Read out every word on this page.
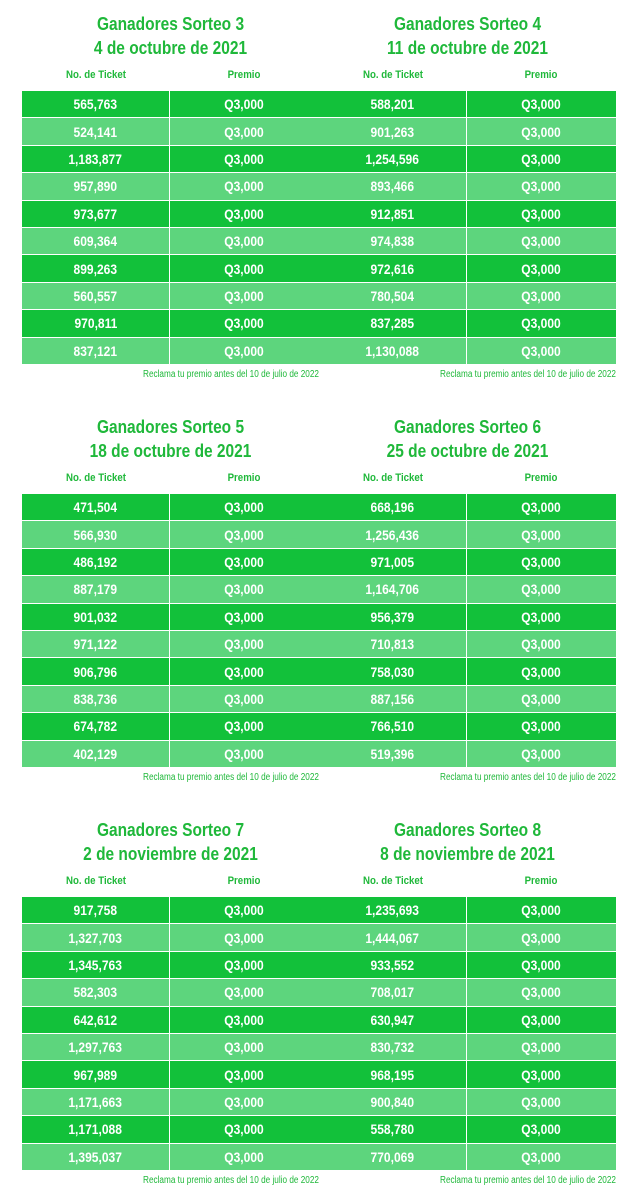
Ganadores Sorteo 3
4 de octubre de 2021
No. de Ticket	Premio
565,763	Q3,000
524,141	Q3,000
1,183,877	Q3,000
957,890	Q3,000
973,677	Q3,000
609,364	Q3,000
899,263	Q3,000
560,557	Q3,000
970,811	Q3,000
837,121	Q3,000
Reclama tu premio antes del 10 de julio de 2022
Ganadores Sorteo 4
11 de octubre de 2021
No. de Ticket	Premio
588,201	Q3,000
901,263	Q3,000
1,254,596	Q3,000
893,466	Q3,000
912,851	Q3,000
974,838	Q3,000
972,616	Q3,000
780,504	Q3,000
837,285	Q3,000
1,130,088	Q3,000
Reclama tu premio antes del 10 de julio de 2022
Ganadores Sorteo 5
18 de octubre de 2021
No. de Ticket	Premio
471,504	Q3,000
566,930	Q3,000
486,192	Q3,000
887,179	Q3,000
901,032	Q3,000
971,122	Q3,000
906,796	Q3,000
838,736	Q3,000
674,782	Q3,000
402,129	Q3,000
Reclama tu premio antes del 10 de julio de 2022
Ganadores Sorteo 6
25 de octubre de 2021
No. de Ticket	Premio
668,196	Q3,000
1,256,436	Q3,000
971,005	Q3,000
1,164,706	Q3,000
956,379	Q3,000
710,813	Q3,000
758,030	Q3,000
887,156	Q3,000
766,510	Q3,000
519,396	Q3,000
Reclama tu premio antes del 10 de julio de 2022
Ganadores Sorteo 7
2 de noviembre de 2021
No. de Ticket	Premio
917,758	Q3,000
1,327,703	Q3,000
1,345,763	Q3,000
582,303	Q3,000
642,612	Q3,000
1,297,763	Q3,000
967,989	Q3,000
1,171,663	Q3,000
1,171,088	Q3,000
1,395,037	Q3,000
Reclama tu premio antes del 10 de julio de 2022
Ganadores Sorteo 8
8 de noviembre de 2021
No. de Ticket	Premio
1,235,693	Q3,000
1,444,067	Q3,000
933,552	Q3,000
708,017	Q3,000
630,947	Q3,000
830,732	Q3,000
968,195	Q3,000
900,840	Q3,000
558,780	Q3,000
770,069	Q3,000
Reclama tu premio antes del 10 de julio de 2022
